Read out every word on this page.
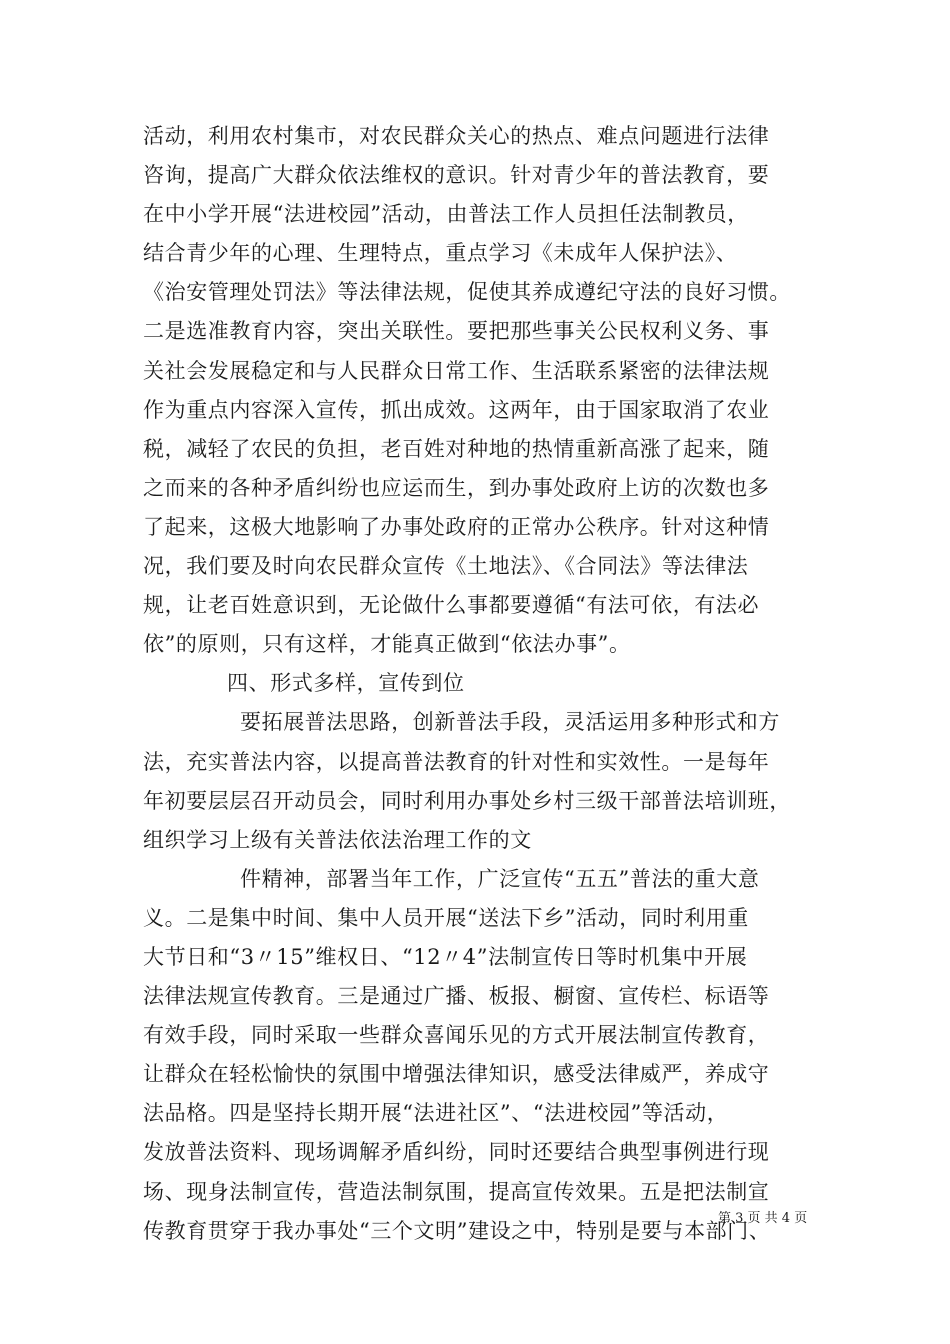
活动，利用农村集市，对农民群众关心的热点、难点问题进行法律
咨询，提高广大群众依法维权的意识。针对青少年的普法教育，要
在中小学开展“法进校园”活动，由普法工作人员担任法制教员，
结合青少年的心理、生理特点，重点学习《未成年人保护法》、
《治安管理处罚法》等法律法规，促使其养成遵纪守法的良好习惯。
二是选准教育内容，突出关联性。要把那些事关公民权利义务、事
关社会发展稳定和与人民群众日常工作、生活联系紧密的法律法规
作为重点内容深入宣传，抓出成效。这两年，由于国家取消了农业
税，减轻了农民的负担，老百姓对种地的热情重新高涨了起来，随
之而来的各种矛盾纠纷也应运而生，到办事处政府上访的次数也多
了起来，这极大地影响了办事处政府的正常办公秩序。针对这种情
况，我们要及时向农民群众宣传《土地法》、《合同法》等法律法
规，让老百姓意识到，无论做什么事都要遵循“有法可依，有法必
依”的原则，只有这样，才能真正做到“依法办事”。
四、形式多样，宣传到位
要拓展普法思路，创新普法手段，灵活运用多种形式和方
法，充实普法内容，以提高普法教育的针对性和实效性。一是每年
年初要层层召开动员会，同时利用办事处乡村三级干部普法培训班，
组织学习上级有关普法依法治理工作的文
件精神，部署当年工作，广泛宣传“五五”普法的重大意
义。二是集中时间、集中人员开展“送法下乡”活动，同时利用重
大节日和“3〃15”维权日、“12〃4”法制宣传日等时机集中开展
法律法规宣传教育。三是通过广播、板报、橱窗、宣传栏、标语等
有效手段，同时采取一些群众喜闻乐见的方式开展法制宣传教育，
让群众在轻松愉快的氛围中增强法律知识，感受法律威严，养成守
法品格。四是坚持长期开展“法进社区”、“法进校园”等活动，
发放普法资料、现场调解矛盾纠纷，同时还要结合典型事例进行现
场、现身法制宣传，营造法制氛围，提高宣传效果。五是把法制宣
传教育贯穿于我办事处“三个文明”建设之中，特别是要与本部门、
第 3 页 共 4 页
